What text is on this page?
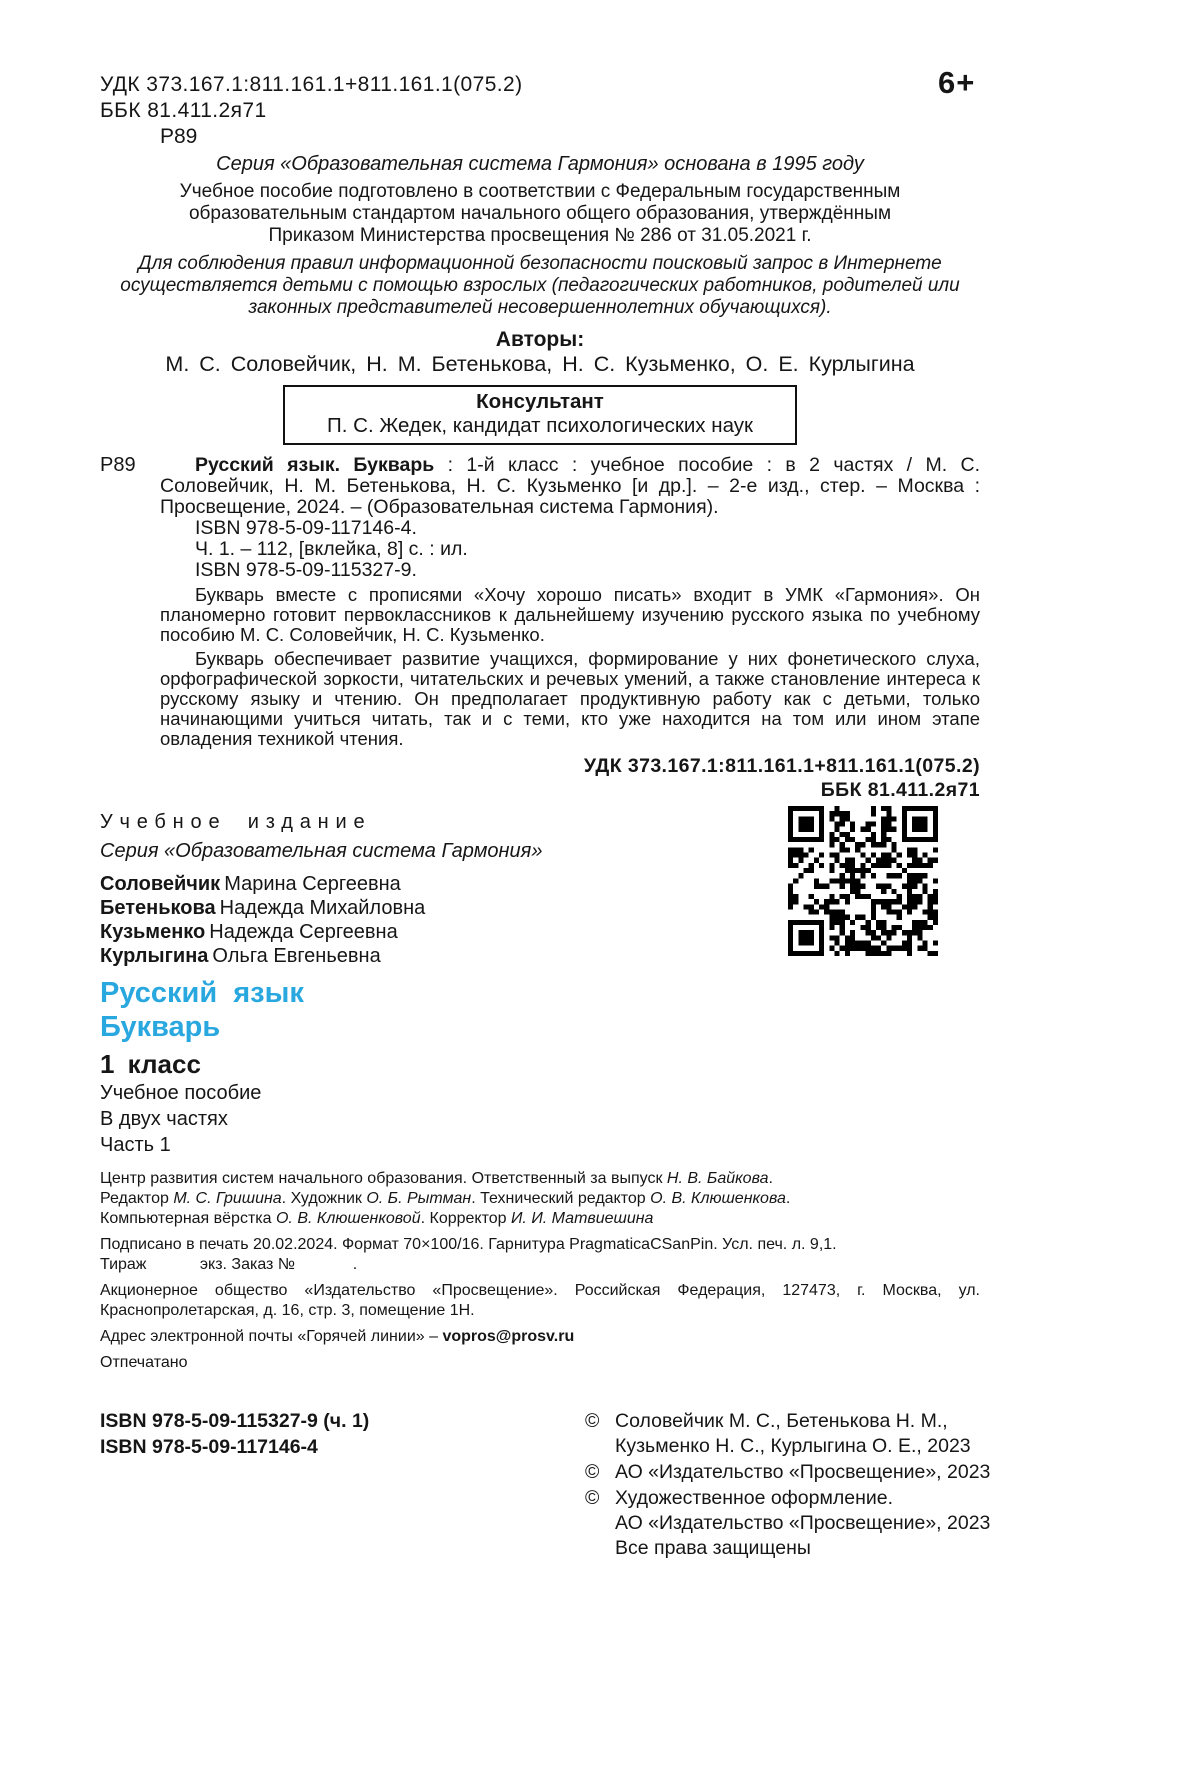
6+
УДК 373.167.1:811.161.1+811.161.1(075.2)
ББК 81.411.2я71
Р89

Серия «Образовательная система Гармония» основана в 1995 году

Учебное пособие подготовлено в соответствии с Федеральным государственным образовательным стандартом начального общего образования, утверждённым Приказом Министерства просвещения № 286 от 31.05.2021 г.

Для соблюдения правил информационной безопасности поисковый запрос в Интернете осуществляется детьми с помощью взрослых (педагогических работников, родителей или законных представителей несовершеннолетних обучающихся).

Авторы:

М. С. Соловейчик, Н. М. Бетенькова, Н. С. Кузьменко, О. Е. Курлыгина

Консультант
П. С. Жедек, кандидат психологических наук
Р89	Русский язык. Букварь : 1-й класс : учебное пособие : в 2 частях / М. С. Соловейчик, Н. М. Бетенькова, Н. С. Кузьменко [и др.]. – 2-е изд., стер. – Москва : Просвещение, 2024. – (Образовательная система Гармония).

ISBN 978-5-09-117146-4.

Ч. 1. – 112, [вклейка, 8] с. : ил.

ISBN 978-5-09-115327-9.

Букварь вместе с прописями «Хочу хорошо писать» входит в УМК «Гармония». Он планомерно готовит первоклассников к дальнейшему изучению русского языка по учебному пособию М. С. Соловейчик, Н. С. Кузьменко.

Букварь обеспечивает развитие учащихся, формирование у них фонетического слуха, орфографической зоркости, читательских и речевых умений, а также становление интереса к русскому языку и чтению. Он предполагает продуктивную работу как с детьми, только начинающими учиться читать, так и с теми, кто уже находится на том или ином этапе овладения техникой чтения.

УДК 373.167.1:811.161.1+811.161.1(075.2)
ББК 81.411.2я71

Учебное издание

Серия «Образовательная система Гармония»

Соловейчик Марина Сергеевна

Бетенькова Надежда Михайловна

Кузьменко Надежда Сергеевна

Курлыгина Ольга Евгеньевна

Русский язык

Букварь

1 класс

Учебное пособие

В двух частях

Часть 1

Центр развития систем начального образования. Ответственный за выпуск Н. В. Байкова.

Редактор М. С. Гришина. Художник О. Б. Рытман. Технический редактор О. В. Клюшенкова.

Компьютерная вёрстка О. В. Клюшенковой. Корректор И. И. Матвиешина

Подписано в печать 20.02.2024. Формат 70×100/16. Гарнитура PragmaticaCSanPin. Усл. печ. л. 9,1.

Тираж            экз. Заказ №             .

Акционерное общество «Издательство «Просвещение». Российская Федерация, 127473, г. Москва, ул. Краснопролетарская, д. 16, стр. 3, помещение 1Н.

Адрес электронной почты «Горячей линии» – vopros@prosv.ru

Отпечатано

ISBN 978-5-09-115327-9 (ч. 1)
ISBN 978-5-09-117146-4
© Соловейчик М. С., Бетенькова Н. М.,
Кузьменко Н. С., Курлыгина О. Е., 2023
© АО «Издательство «Просвещение», 2023
© Художественное оформление.
АО «Издательство «Просвещение», 2023
Все права защищены
